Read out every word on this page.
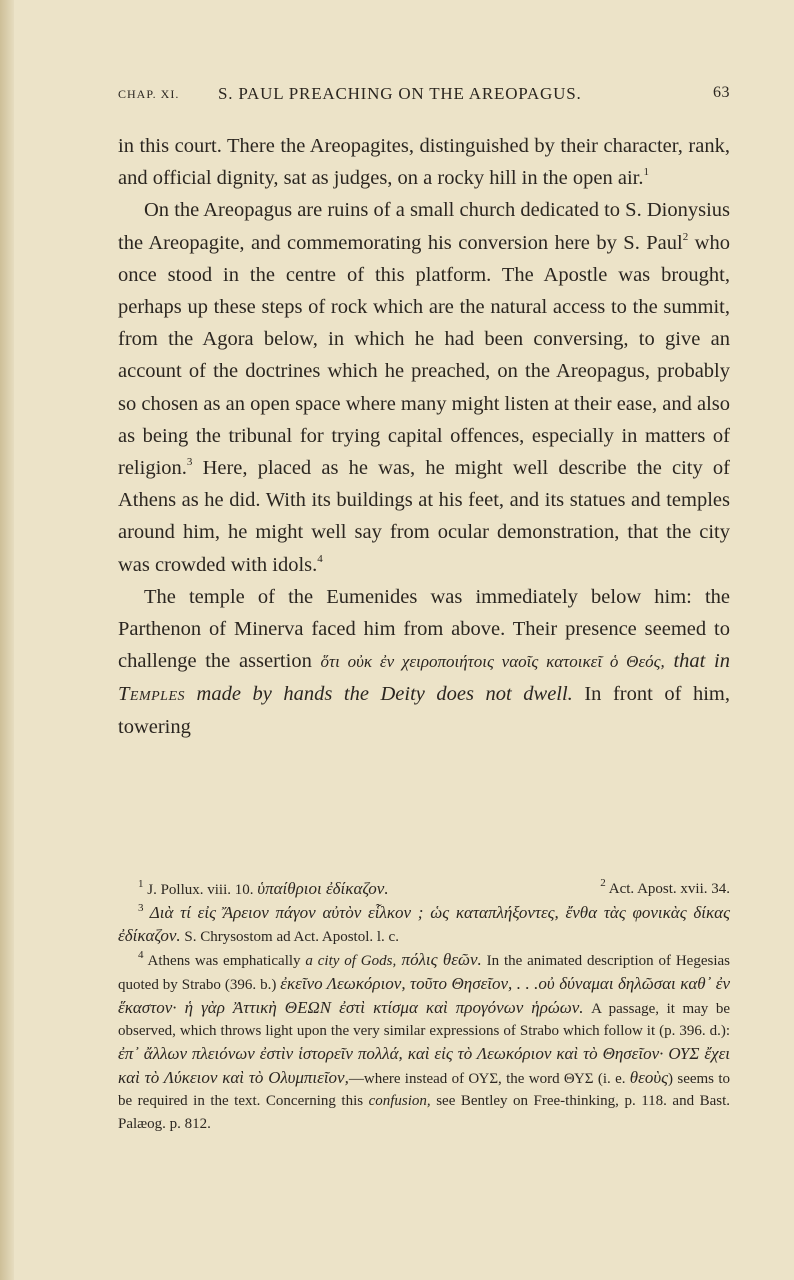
CHAP. XI. S. PAUL PREACHING ON THE AREOPAGUS.	63

in this court. There the Areopagites, distinguished by their character, rank, and official dignity, sat as judges, on a rocky hill in the open air.$^1$

On the Areopagus are ruins of a small church dedicated to S. Dionysius the Areopagite, and commemorating his conversion here by S. Paul$^2$ who once stood in the centre of this platform. The Apostle was brought, perhaps up these steps of rock which are the natural access to the summit, from the Agora below, in which he had been conversing, to give an account of the doctrines which he preached, on the Areopagus, probably so chosen as an open space where many might listen at their ease, and also as being the tribunal for trying capital offences, especially in matters of religion.$^3$ Here, placed as he was, he might well describe the city of Athens as he did. With its buildings at his feet, and its statues and temples around him, he might well say from ocular demonstration, that the city was crowded with idols.$^4$

The temple of the Eumenides was immediately below him: the Parthenon of Minerva faced him from above. Their presence seemed to challenge the assertion ὅτι οὐκ ἐν χειροποιήτοις ναοῖς κατοικεῖ ὁ Θεός, that in Temples made by hands the Deity does not dwell. In front of him, towering

$^1$ J. Pollux. viii. 10. ὑπαίθριοι ἐδίκαζον.	$^2$ Act. Apost. xvii. 34.

$^3$ Διὰ τί εἰς Ἄρειον πάγον αὐτὸν εἷλκον ; ὡς καταπλήξοντες, ἔνθα τὰς φονικὰς δίκας ἐδίκαζον. S. Chrysostom ad Act. Apostol. l. c.

$^4$ Athens was emphatically a city of Gods, πόλις θεῶν. In the animated description of Hegesias quoted by Strabo (396. b.) ἐκεῖνο Λεωκόριον, τοῦτο Θησεῖον, . . .οὐ δύναμαι δηλῶσαι καθ᾽ ἐν ἕκαστον· ἡ γὰρ Ἀττικὴ ΘΕΩΝ ἐστὶ κτίσμα καὶ προγόνων ἡρώων. A passage, it may be observed, which throws light upon the very similar expressions of Strabo which follow it (p. 396. d.): ἐπ᾽ ἄλλων πλειόνων ἐστὶν ἱστορεῖν πολλά, καὶ εἰς τὸ Λεωκόριον καὶ τὸ Θησεῖον· ΟΥΣ ἔχει καὶ τὸ Λύκειον καὶ τὸ Ολυμπιεῖον,—where instead of ΟΥΣ, the word ΘΥΣ (i. e. θεοὺς) seems to be required in the text. Concerning this confusion, see Bentley on Free-thinking, p. 118. and Bast. Palæog. p. 812.
